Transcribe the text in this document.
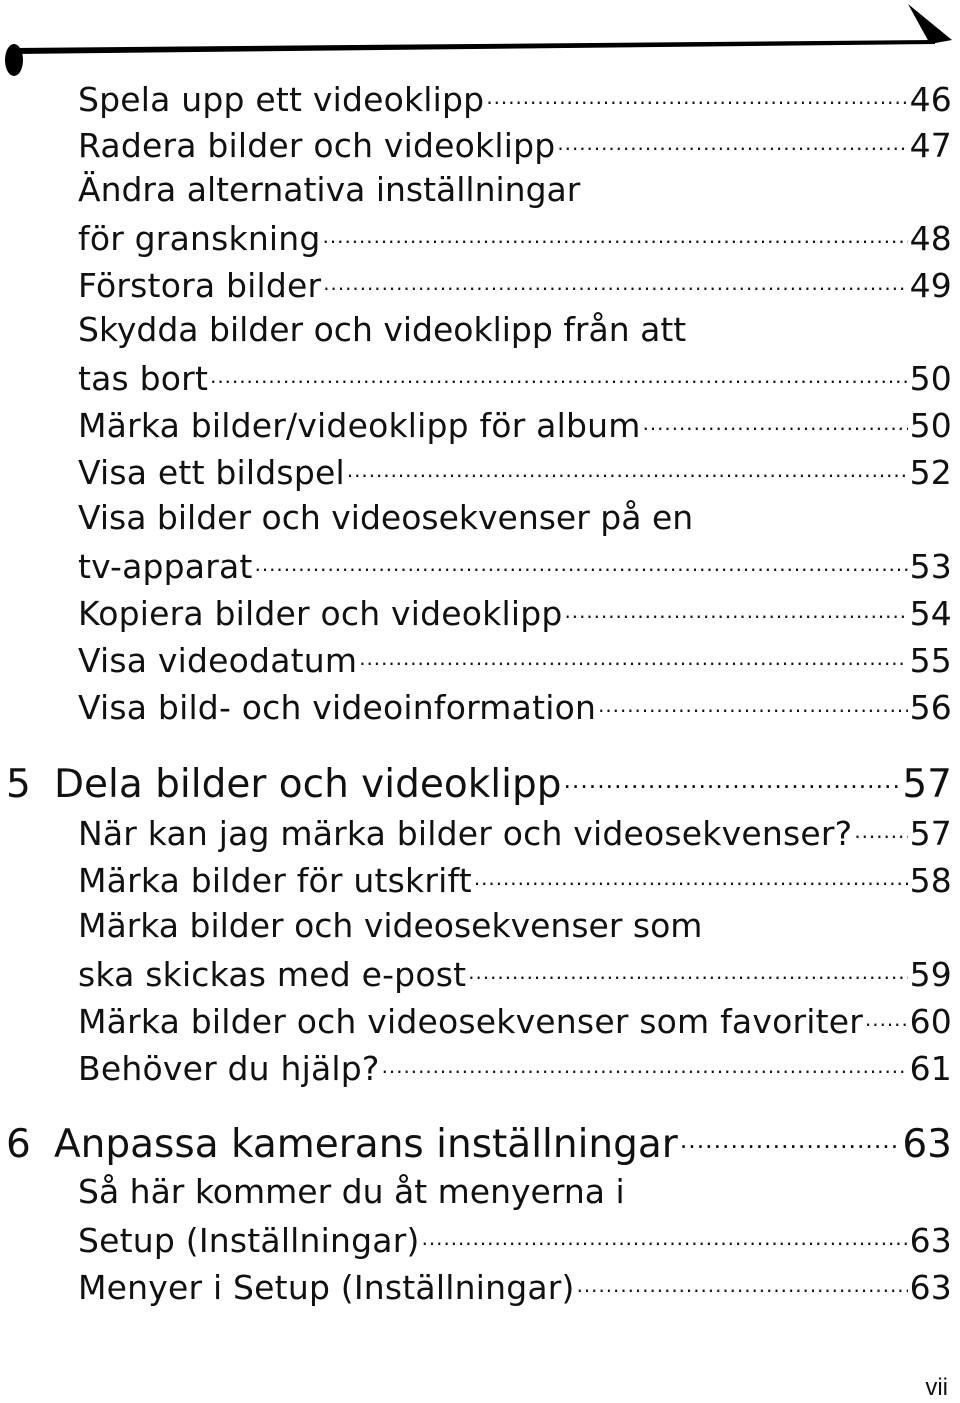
Spela upp ett videoklipp .....	46
Radera bilder och videoklipp .....	47
Ändra alternativa inställningar
för granskning .....	48
Förstora bilder .....	49
Skydda bilder och videoklipp från att
tas bort .....	50
Märka bilder/videoklipp för album .....	50
Visa ett bildspel .....	52
Visa bilder och videosekvenser på en
tv-apparat .....	53
Kopiera bilder och videoklipp .....	54
Visa videodatum .....	55
Visa bild- och videoinformation .....	56
5 Dela bilder och videoklipp .....	57
När kan jag märka bilder och videosekvenser? ..... 57
Märka bilder för utskrift .....	58
Märka bilder och videosekvenser som
ska skickas med e-post .....	59
Märka bilder och videosekvenser som favoriter ..... 60
Behöver du hjälp? .....	61
6 Anpassa kamerans inställningar .....	63
Så här kommer du åt menyerna i
Setup (Inställningar) .....	63
Menyer i Setup (Inställningar) .....	63
vii
